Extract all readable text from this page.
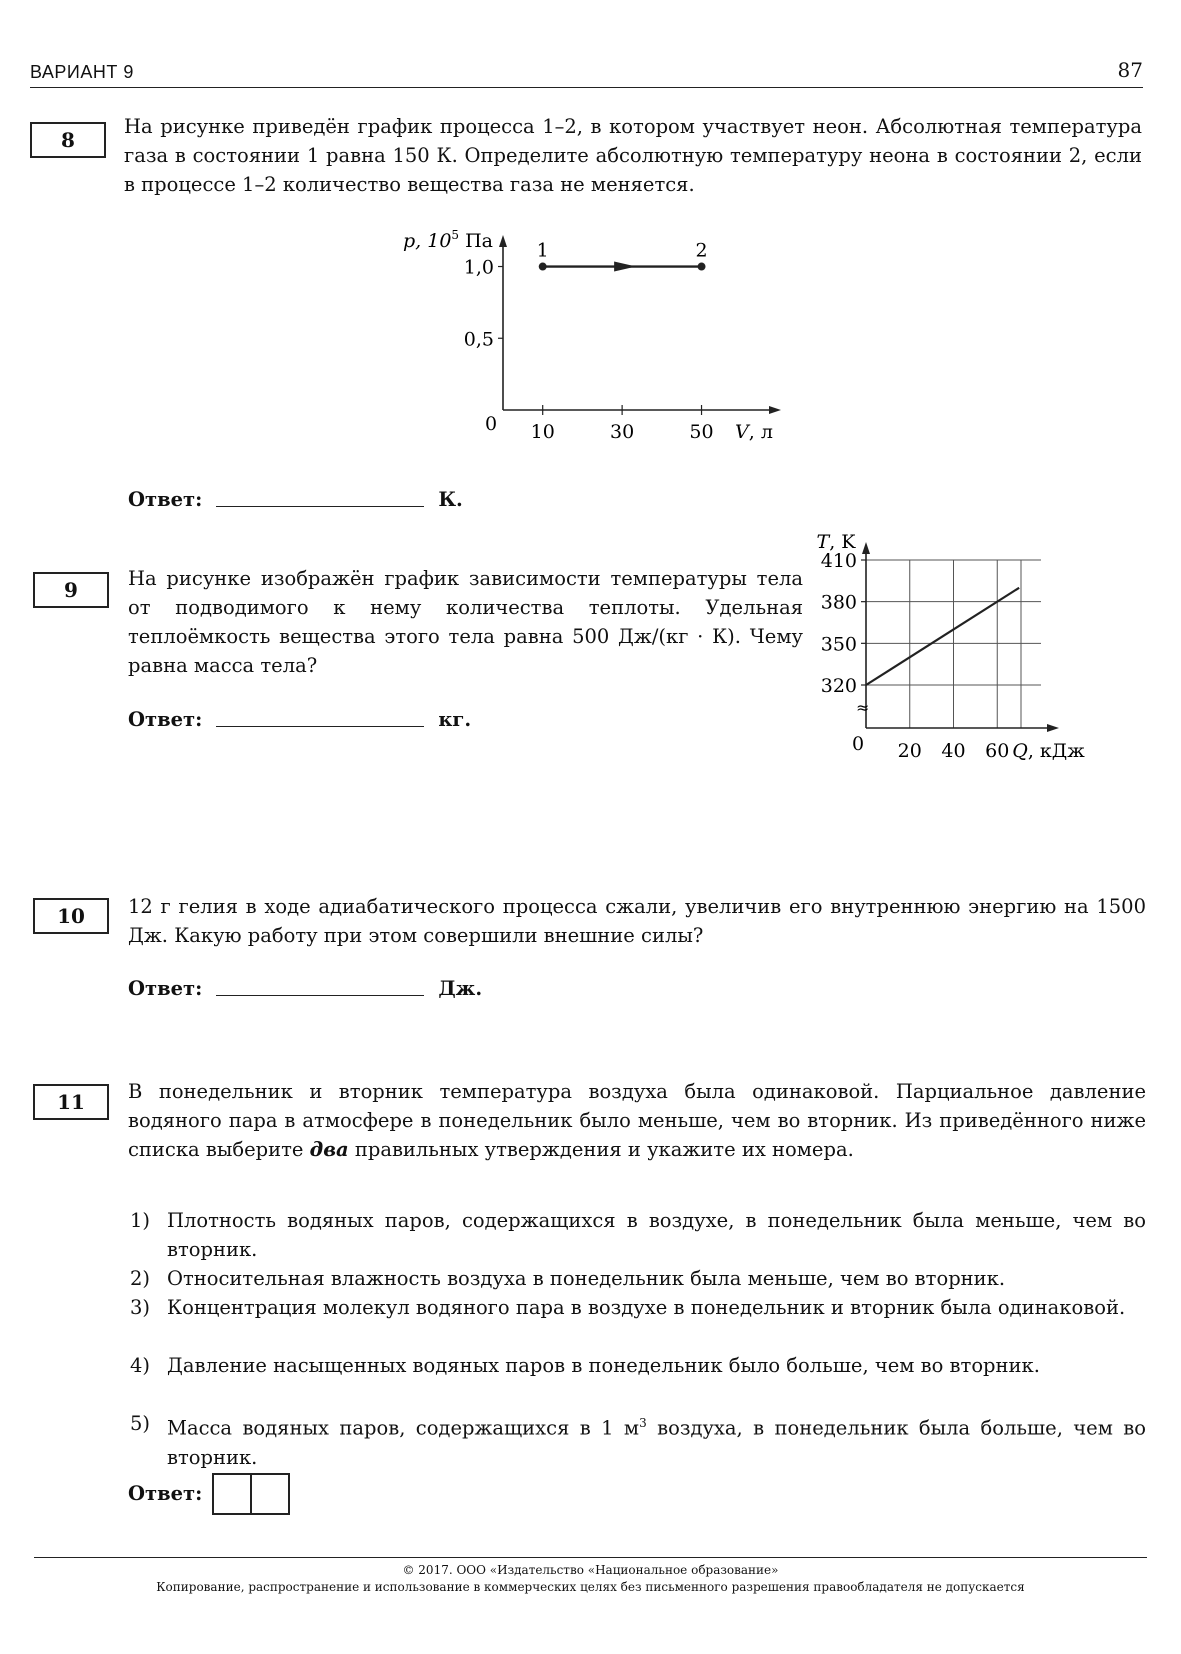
ВАРИАНТ 9	87
8
На рисунке приведён график процесса 1–2, в котором участвует неон. Абсолютная температура газа в состоянии 1 равна 150 К. Определите абсолютную температуру неона в состоянии 2, если в процессе 1–2 количество вещества газа не меняется.
0 10	30	50
0,5
1,0
p, $10^5$ Па
V, л
1	2
Ответ:	К.
9	На рисунке изображён график зависимости температуры тела от подводимого к нему количества теплоты. Удельная теплоёмкость вещества этого тела равна 500 Дж/(кг · К). Чему равна масса тела?
0
≈
320
350
380
410
20 40 60
T, K
Q, кДж
Ответ:	кг.
10	12 г гелия в ходе адиабатического процесса сжали, увеличив его внутреннюю энергию на 1500 Дж. Какую работу при этом совершили внешние силы?
Ответ:	Дж.
11	В понедельник и вторник температура воздуха была одинаковой. Парциальное давление водяного пара в атмосфере в понедельник было меньше, чем во вторник. Из приведённого ниже списка выберите два правильных утверждения и укажите их номера.
1) Плотность водяных паров, содержащихся в воздухе, в понедельник была меньше, чем во вторник.
2) Относительная влажность воздуха в понедельник была меньше, чем во вторник.
3) Концентрация молекул водяного пара в воздухе в понедельник и вторник была одинаковой.
4) Давление насыщенных водяных паров в понедельник было больше, чем во вторник.
5) Масса водяных паров, содержащихся в 1 $м^3$ воздуха, в понедельник была больше, чем во вторник.
Ответ:
© 2017. ООО «Издательство «Национальное образование»
Копирование, распространение и использование в коммерческих целях без письменного разрешения правообладателя не допускается
